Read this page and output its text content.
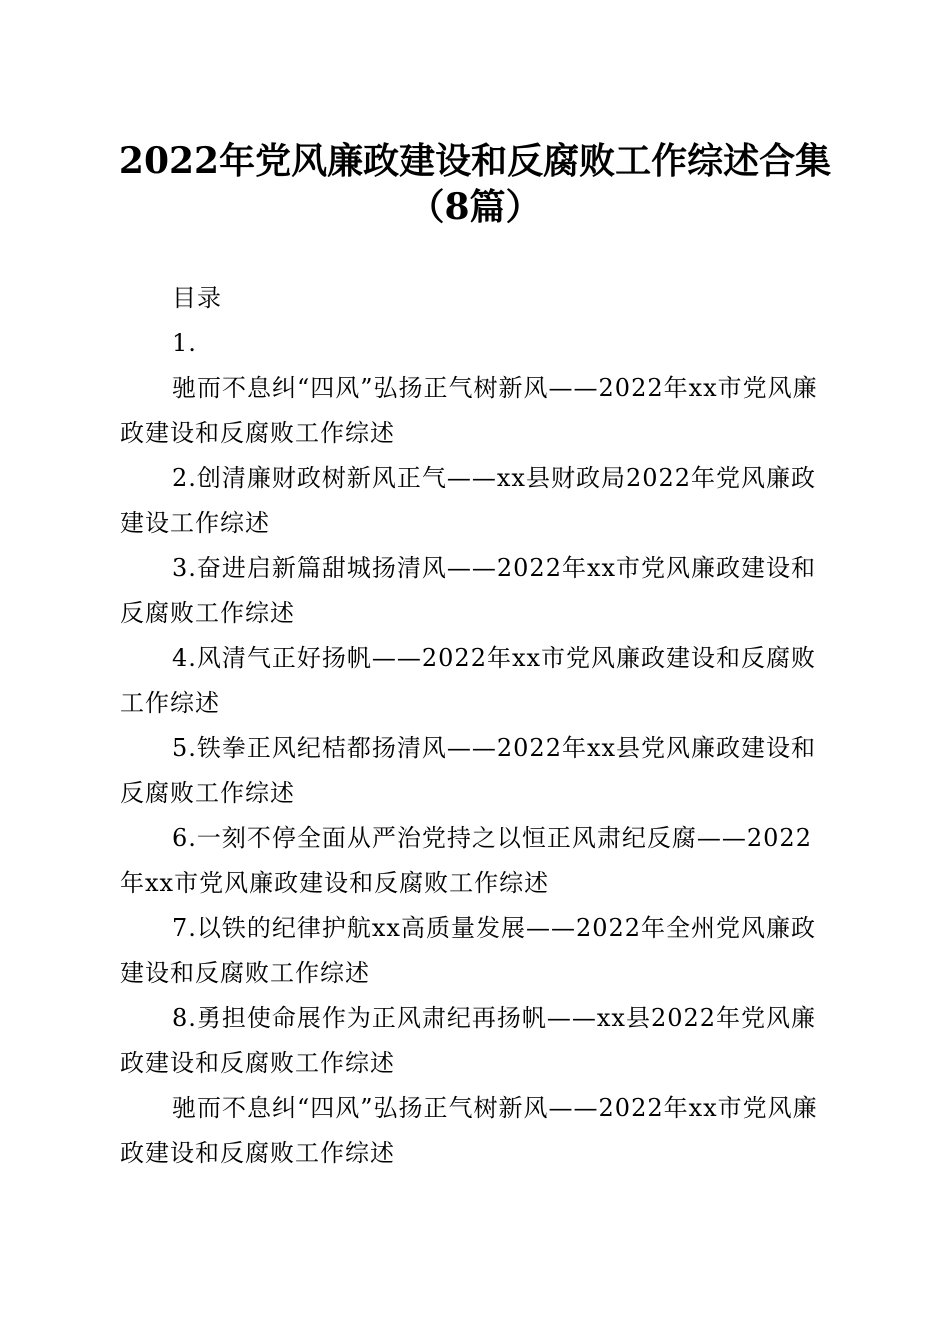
2022年党风廉政建设和反腐败工作综述合集
（8篇）
目录
1.
驰而不息纠“四风”弘扬正气树新风——2022年xx市党风廉政建设和反腐败工作综述
2.创清廉财政树新风正气——xx县财政局2022年党风廉政建设工作综述
3.奋进启新篇甜城扬清风——2022年xx市党风廉政建设和反腐败工作综述
4.风清气正好扬帆——2022年xx市党风廉政建设和反腐败工作综述
5.铁拳正风纪桔都扬清风——2022年xx县党风廉政建设和反腐败工作综述
6.一刻不停全面从严治党持之以恒正风肃纪反腐——2022年xx市党风廉政建设和反腐败工作综述
7.以铁的纪律护航xx高质量发展——2022年全州党风廉政建设和反腐败工作综述
8.勇担使命展作为正风肃纪再扬帆——xx县2022年党风廉政建设和反腐败工作综述
驰而不息纠“四风”弘扬正气树新风——2022年xx市党风廉政建设和反腐败工作综述
